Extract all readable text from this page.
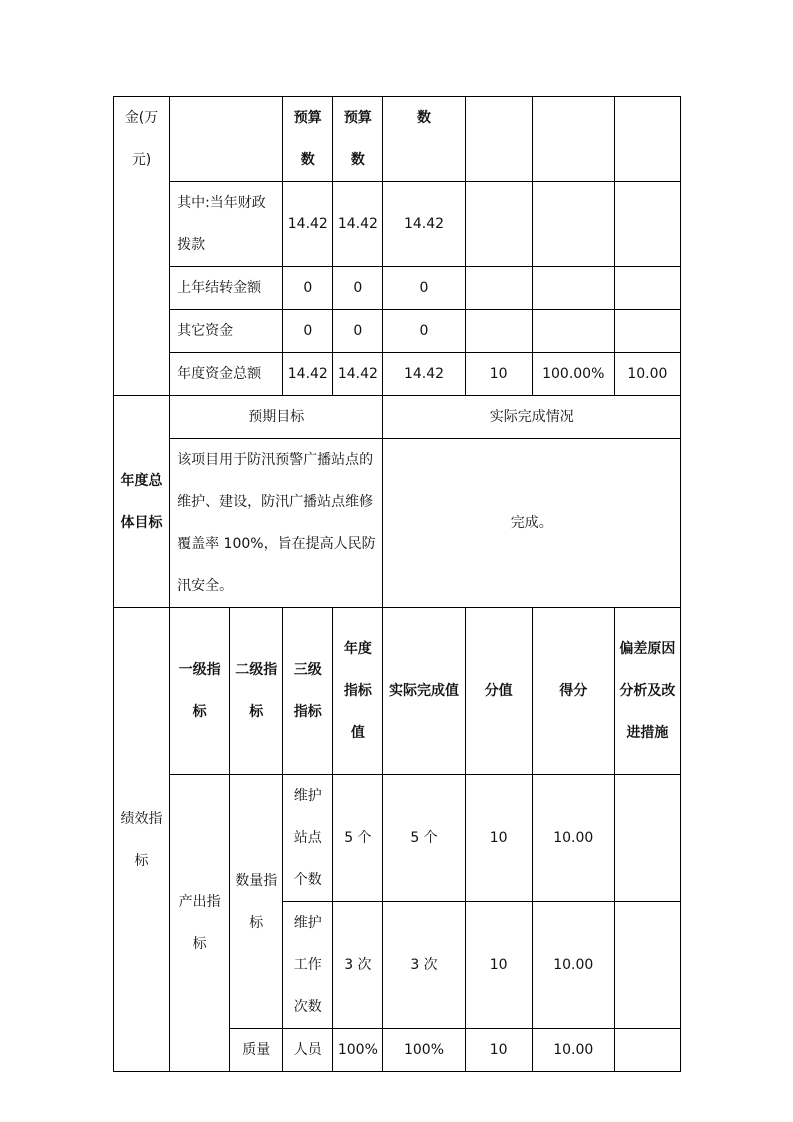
金(万元)			预算数	预算数	数			
	其中:当年财政拨款		14.42	14.42	14.42			
	上年结转金额		0	0	0			
	其它资金		0	0	0			
	年度资金总额		14.42	14.42	14.42	10	100.00%	10.00
年度总体目标	预期目标				实际完成情况			
	该项目用于防汛预警广播站点的维护、建设，防汛广播站点维修覆盖率 100%，旨在提高人民防汛安全。				完成。			
绩效指标	一级指标	二级指标	三级指标	年度指标值	实际完成值	分值	得分	偏差原因分析及改进措施
	产出指标	数量指标	维护站点个数	5 个	5 个	10	10.00	
			维护工作次数	3 次	3 次	10	10.00	
		质量	人员	100%	100%	10	10.00	
